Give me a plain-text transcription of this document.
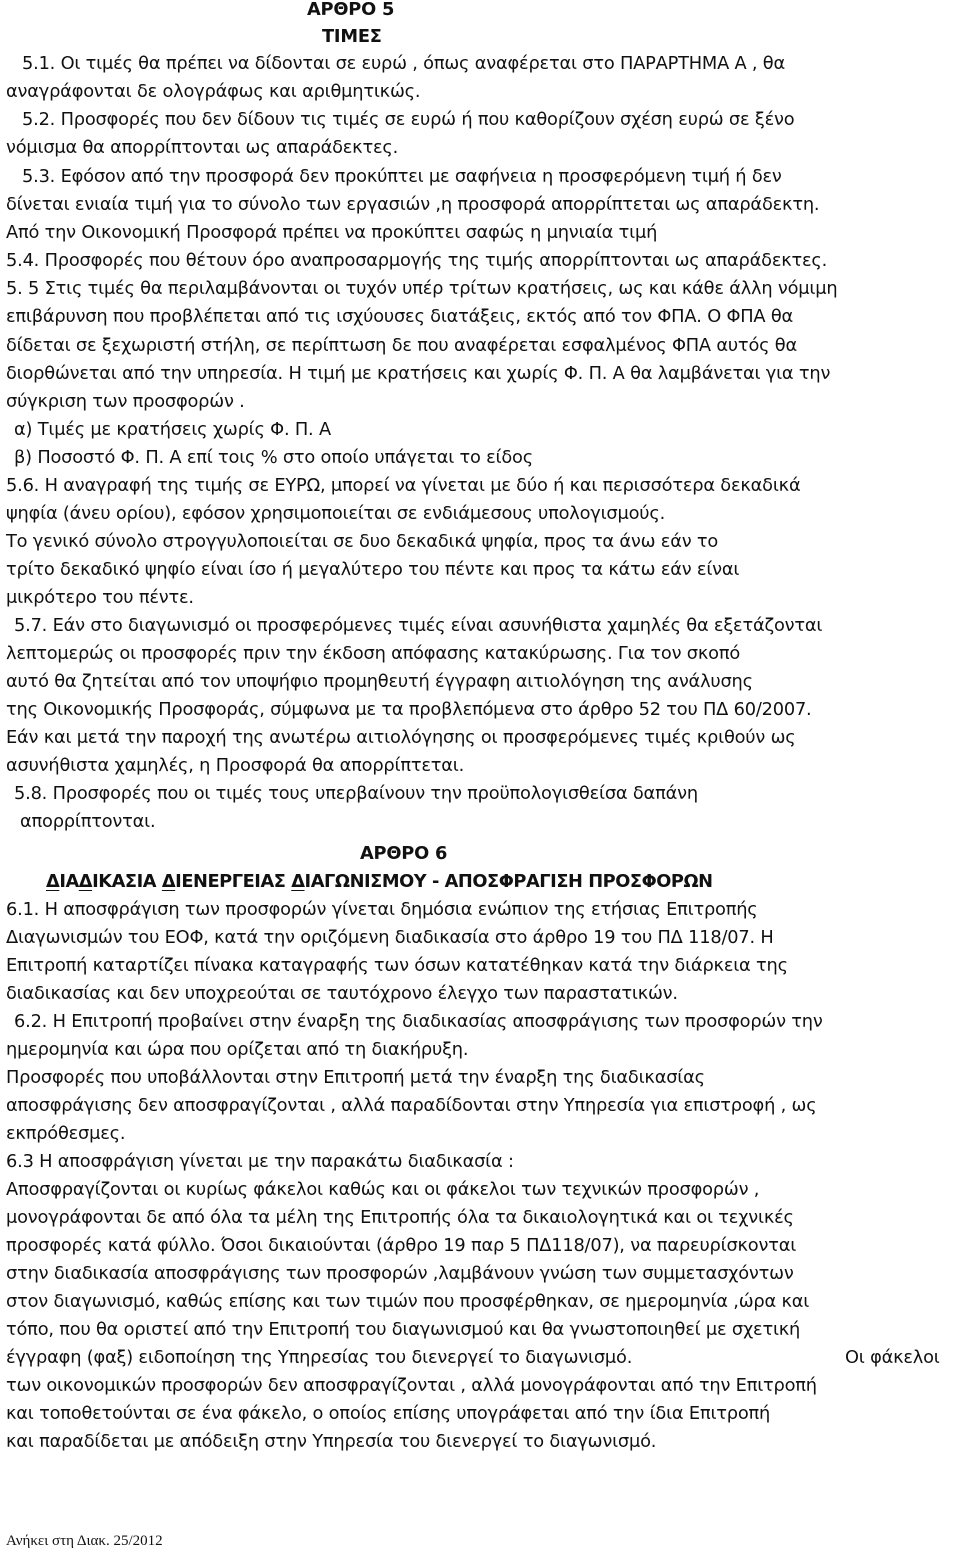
ΑΡΘΡΟ 5
ΤΙΜΕΣ
5.1. Οι τιμές θα πρέπει να δίδονται σε ευρώ , όπως αναφέρεται στο ΠΑΡΑΡΤΗΜΑ Α , θα
αναγράφονται δε ολογράφως και αριθμητικώς.
5.2. Προσφορές που δεν δίδουν τις τιμές σε ευρώ ή που καθορίζουν σχέση ευρώ σε ξένο
νόμισμα θα απορρίπτονται ως απαράδεκτες.
5.3. Εφόσον από την προσφορά δεν προκύπτει με σαφήνεια η προσφερόμενη τιμή ή δεν
δίνεται ενιαία τιμή για το σύνολο των εργασιών ,η προσφορά απορρίπτεται ως απαράδεκτη.
Από την Οικονομική Προσφορά πρέπει να προκύπτει σαφώς η μηνιαία τιμή
5.4. Προσφορές που θέτουν όρο αναπροσαρμογής της τιμής απορρίπτονται ως απαράδεκτες.
5. 5 Στις τιμές θα περιλαμβάνονται οι τυχόν υπέρ τρίτων κρατήσεις, ως και κάθε άλλη νόμιμη
επιβάρυνση που προβλέπεται από τις ισχύουσες διατάξεις, εκτός από τον ΦΠΑ. Ο ΦΠΑ θα
δίδεται σε ξεχωριστή στήλη, σε περίπτωση δε που αναφέρεται εσφαλμένος ΦΠΑ αυτός θα
διορθώνεται από την υπηρεσία. Η τιμή με κρατήσεις και χωρίς Φ. Π. Α θα λαμβάνεται για την
σύγκριση των προσφορών .
α) Τιμές με κρατήσεις χωρίς Φ. Π. Α
β) Ποσοστό Φ. Π. Α επί τοις % στο οποίο υπάγεται το είδος
5.6. Η αναγραφή της τιμής σε ΕΥΡΩ, μπορεί να γίνεται με δύο ή και περισσότερα δεκαδικά
ψηφία (άνευ ορίου), εφόσον χρησιμοποιείται σε ενδιάμεσους υπολογισμούς.
Το γενικό σύνολο στρογγυλοποιείται σε δυο δεκαδικά ψηφία, προς τα άνω εάν το
τρίτο δεκαδικό ψηφίο είναι ίσο ή μεγαλύτερο του πέντε και προς τα κάτω εάν είναι
μικρότερο του πέντε.
5.7. Εάν στο διαγωνισμό οι προσφερόμενες τιμές είναι ασυνήθιστα χαμηλές θα εξετάζονται
λεπτομερώς οι προσφορές πριν την έκδοση απόφασης κατακύρωσης. Για τον σκοπό
αυτό θα ζητείται από τον υποψήφιο προμηθευτή έγγραφη αιτιολόγηση της ανάλυσης
της Οικονομικής Προσφοράς, σύμφωνα με τα προβλεπόμενα στο άρθρο 52 του ΠΔ 60/2007.
Εάν και μετά την παροχή της ανωτέρω αιτιολόγησης οι προσφερόμενες τιμές κριθούν ως
ασυνήθιστα χαμηλές, η Προσφορά θα απορρίπτεται.
5.8. Προσφορές που οι τιμές τους υπερβαίνουν την προϋπολογισθείσα δαπάνη
απορρίπτονται.
ΑΡΘΡΟ 6
ΔΙΑΔΙΚΑΣΙΑ ΔΙΕΝΕΡΓΕΙΑΣ ΔΙΑΓΩΝΙΣΜΟΥ - ΑΠΟΣΦΡΑΓΙΣΗ ΠΡΟΣΦΟΡΩΝ
6.1. Η αποσφράγιση των προσφορών γίνεται δημόσια ενώπιον της ετήσιας Επιτροπής
Διαγωνισμών του ΕΟΦ, κατά την οριζόμενη διαδικασία στο άρθρο 19 του ΠΔ 118/07. Η
Επιτροπή καταρτίζει πίνακα καταγραφής των όσων κατατέθηκαν κατά την διάρκεια της
διαδικασίας και δεν υποχρεούται σε ταυτόχρονο έλεγχο των παραστατικών.
6.2. Η Επιτροπή προβαίνει στην έναρξη της διαδικασίας αποσφράγισης των προσφορών την
ημερομηνία και ώρα που ορίζεται από τη διακήρυξη.
Προσφορές που υποβάλλονται στην Επιτροπή μετά την έναρξη της διαδικασίας
αποσφράγισης δεν αποσφραγίζονται , αλλά παραδίδονται στην Υπηρεσία για επιστροφή , ως
εκπρόθεσμες.
6.3 Η αποσφράγιση γίνεται με την παρακάτω διαδικασία :
Αποσφραγίζονται οι κυρίως φάκελοι καθώς και οι φάκελοι των τεχνικών προσφορών ,
μονογράφονται δε από όλα τα μέλη της Επιτροπής όλα τα δικαιολογητικά και οι τεχνικές
προσφορές κατά φύλλο. Όσοι δικαιούνται (άρθρο 19 παρ 5 ΠΔ118/07), να παρευρίσκονται
στην διαδικασία αποσφράγισης των προσφορών ,λαμβάνουν γνώση των συμμετασχόντων
στον διαγωνισμό, καθώς επίσης και των τιμών που προσφέρθηκαν, σε ημερομηνία ,ώρα και
τόπο, που θα οριστεί από την Επιτροπή του διαγωνισμού και θα γνωστοποιηθεί με σχετική
έγγραφη (φαξ) ειδοποίηση της Υπηρεσίας του διενεργεί το διαγωνισμό.	Οι φάκελοι
των οικονομικών προσφορών δεν αποσφραγίζονται , αλλά μονογράφονται από την Επιτροπή
και τοποθετούνται σε ένα φάκελο, ο οποίος επίσης υπογράφεται από την ίδια Επιτροπή
και παραδίδεται με απόδειξη στην Υπηρεσία του διενεργεί το διαγωνισμό.
Ανήκει στη Διακ. 25/2012
